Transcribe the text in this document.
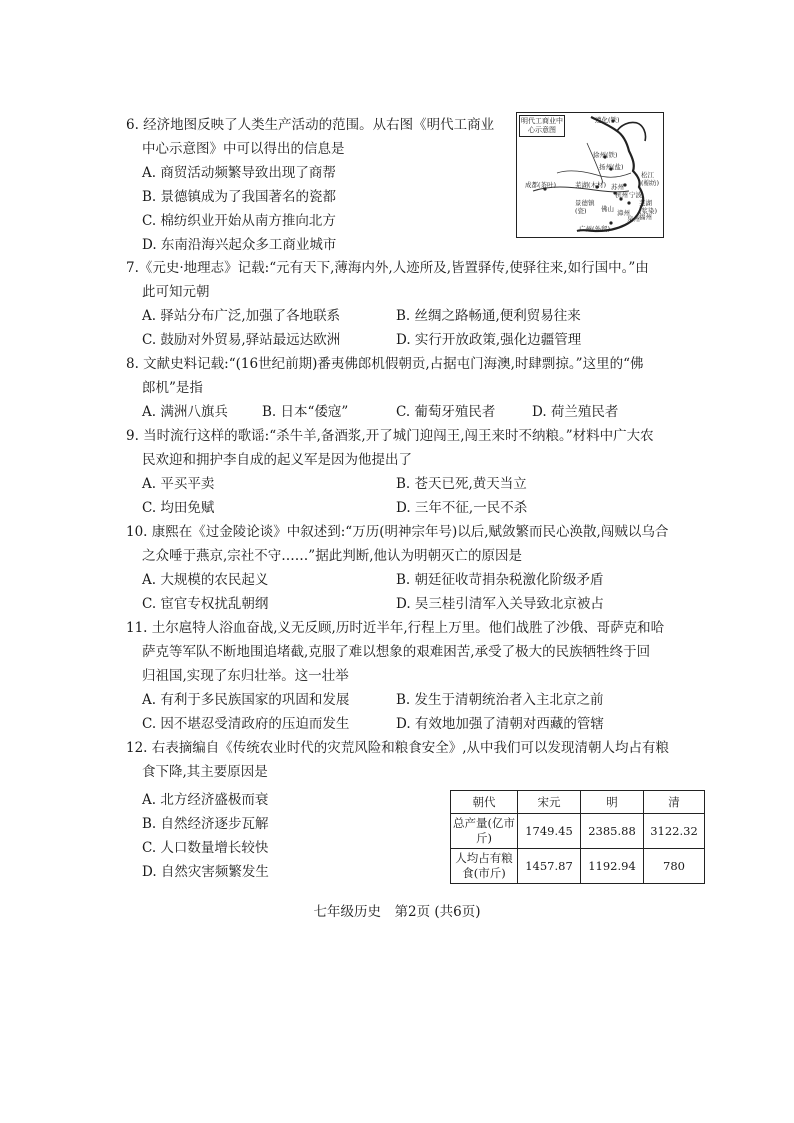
6. 经济地图反映了人类生产活动的范围。从右图《明代工商业
中心示意图》中可以得出的信息是
A. 商贸活动频繁导致出现了商帮
B. 景德镇成为了我国著名的瓷都
C. 棉纺织业开始从南方推向北方
D. 东南沿海兴起众多工商业城市
明代工商业中心示意图
遵化(铁)
徐州(铁)
扬州(盐)
成都(茶叶)	芜湖(木材)
松江(棉纺)
景德镇(瓷)
苏州
杭州 宁波
芜湖(浆染)
佛山 漳州
泉州 福州
广州(外贸)
7.《元史·地理志》记载:“元有天下,薄海内外,人迹所及,皆置驿传,使驿往来,如行国中。”由
此可知元朝
A. 驿站分布广泛,加强了各地联系	B. 丝绸之路畅通,便利贸易往来
C. 鼓励对外贸易,驿站最远达欧洲	D. 实行开放政策,强化边疆管理
8. 文献史料记载:“(16世纪前期)番夷佛郎机假朝贡,占据屯门海澳,时肆剽掠。”这里的“佛
郎机”是指
A. 满洲八旗兵	B. 日本“倭寇”	C. 葡萄牙殖民者	D. 荷兰殖民者
9. 当时流行这样的歌谣:“杀牛羊,备酒浆,开了城门迎闯王,闯王来时不纳粮。”材料中广大农
民欢迎和拥护李自成的起义军是因为他提出了
A. 平买平卖	B. 苍天已死,黄天当立
C. 均田免赋	D. 三年不征,一民不杀
10. 康熙在《过金陵论谈》中叙述到:“万历(明神宗年号)以后,赋敛繁而民心涣散,闯贼以乌合
之众唾于燕京,宗社不守……”据此判断,他认为明朝灭亡的原因是
A. 大规模的农民起义	B. 朝廷征收苛捐杂税激化阶级矛盾
C. 宦官专权扰乱朝纲	D. 吴三桂引清军入关导致北京被占
11. 土尔扈特人浴血奋战,义无反顾,历时近半年,行程上万里。他们战胜了沙俄、哥萨克和哈
萨克等军队不断地围追堵截,克服了难以想象的艰难困苦,承受了极大的民族牺牲终于回
归祖国,实现了东归壮举。这一壮举
A. 有利于多民族国家的巩固和发展	B. 发生于清朝统治者入主北京之前
C. 因不堪忍受清政府的压迫而发生	D. 有效地加强了清朝对西藏的管辖
12. 右表摘编自《传统农业时代的灾荒风险和粮食安全》,从中我们可以发现清朝人均占有粮
食下降,其主要原因是
A. 北方经济盛极而衰
B. 自然经济逐步瓦解
C. 人口数量增长较快
D. 自然灾害频繁发生
朝代	宋元	明	清
总产量(亿市斤)	1749.45	2385.88	3122.32
人均占有粮食(市斤)	1457.87	1192.94	780
七年级历史　第2页 (共6页)
